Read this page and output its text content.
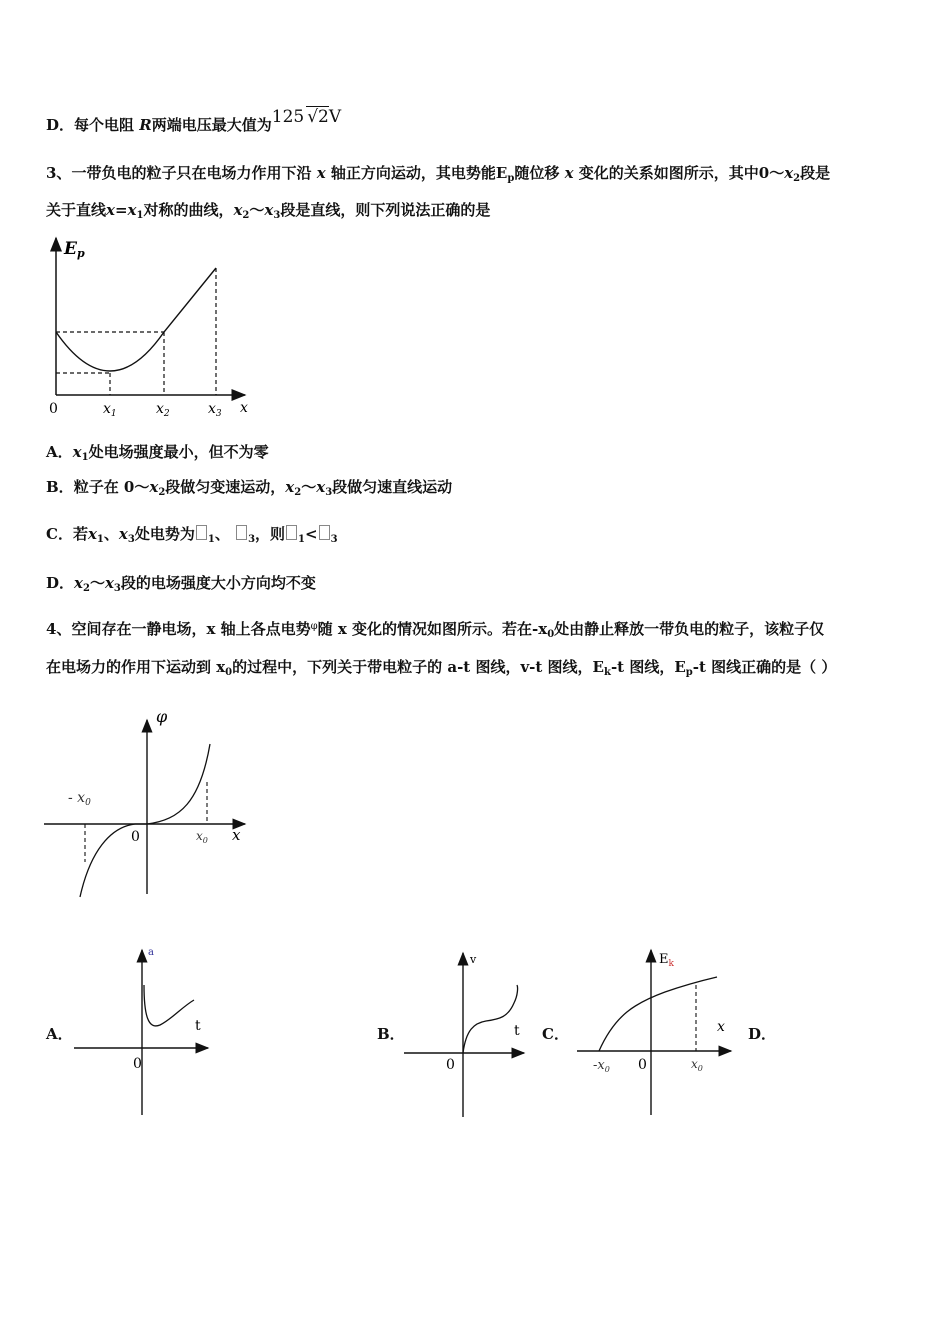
D．每个电阻 R两端电压最大值为125 √2V
3、一带负电的粒子只在电场力作用下沿 x 轴正方向运动，其电势能$E_p$随位移 x 变化的关系如图所示，其中$0\sim x_2$段是
关于直线$x=x_1$对称的曲线，$x_2\sim x_3$段是直线，则下列说法正确的是
Ep
0	$x_1$	$x_2$	$x_3$ x
A．$x_1$处电场强度最小，但不为零
B．粒子在 $0\sim x_2$段做匀变速运动，$x_2\sim x_3$段做匀速直线运动
C．若$x_1$、$x_3$处电势为 $_1$、 $_3$，则 $_1$< $_3$
D．$x_2\sim x_3$段的电场强度大小方向均不变
4、空间存在一静电场，x 轴上各点电势$^\varphi$随 x 变化的情况如图所示。若在$-x_0$处由静止释放一带负电的粒子，该粒子仅
在电场力的作用下运动到 $x_0$的过程中，下列关于带电粒子的 a-t 图线，v-t 图线，$E_k-t$ 图线，$E_p-t$ 图线正确的是（ ）
φ
- $x_0$
0	$x_0$ x
A．
a
t
0
B．
v
t
0
C．
$E_k$
x
$-x_0$ 0	$x_0$
D．
